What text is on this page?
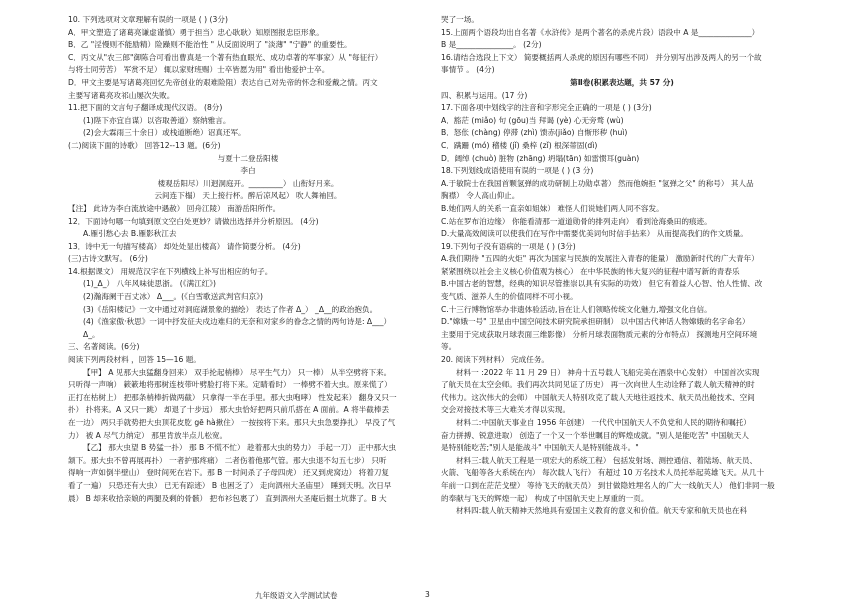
10. 下列选项对文章理解有误的一项是 ( ) (3分)
A．甲文塑造了诸葛亮谦虚谨慎）勇于担当）忠心耿耿）知原图报忠臣形象。
B．乙 "淫慢则不能励精）险躁则不能治性 " 从反面说明了 "淡薄" "宁静" 的重要性。
C．丙文从"农三郎"御陈合可看出曹真是一个著有热血眼光、成功卓著的军事家）从 "每征行）
与将士同劳苦） 军赏不足） 辄以家财班赐）士卒皆愿为用" 看出他爱护士卒。
D．甲文主要是写诸葛亮回忆先帝创业的艰难险阻）表达自己对先帝的怀念和爱戴之情。丙文
主要写诸葛亮攻祁山屡次失败。
11.把下面的文言句子翻译成现代汉语。 (8分)
(1)陛下亦宜自谋）以咨取善道）察纳雅言。
(2)会大霖雨三十余日）或栈道断绝）诏真还军。
(二)阅读下面的诗歌） 回答12--13 题。(6分)
与夏十二登岳阳楼
李白
楼观岳阳尽）川迥洞庭开。_________） 山衔好月来。
云间连下榻） 天上接行杯。醉后凉风起） 吹人舞袖回。
【注】 此诗为李白流放途中遇赦） 回舟江陵） 南游岳阳所作。
12．下面诗句哪一句填到原文空白处更妙？请做出选择并分析原因。 (4分)
A.雁引愁心去 B.雁影秋江去
13．诗中无一句描写楼高） 却处处显出楼高） 请作简要分析。 (4分)
(三)古诗文默写。 (6分)
14.根据课文） 用规范汉字在下列横线上补写出相应的句子。
(1)_Δ_） 八年风味徒思浙。 (《满江红》)
(2)瀚海阑干百丈冰） Δ___。(《白雪歌送武判官归京》)
(3)《岳阳楼记》一文中通过对洞庭湖景象的描绘） 表达了作者 Δ_） _Δ__的政治抱负。
(4)《渔家傲·秋思》一词中抒发征夫戍边难归的无奈和对家乡的眷念之情的两句诗是: Δ___）
Δ_。
三、名著阅读。(6分)
阅读下列两段材料 ，回答 15—16 题。
【甲】 A 见那大虫猛翻身回来） 双手抡起梢棒） 尽平生气力） 只一棒） 从半空劈将下来。
只听得一声响） 簌簌地将那树连枝带叶劈脸打将下来。定睛看时） 一棒劈不着大虫。原来慌了）
正打在枯树上） 把那条梢棒折做两截） 只拿得一半在手里。那大虫咆哮） 性发起来） 翻身又只一
扑） 扑将来。A 又只一跳） 却退了十步远） 那大虫恰好把两只前爪搭在 A 面前。A 将半截棒丢
在一边） 两只手就势把大虫顶花皮肐 gē hà揪住） 一按按将下来。那只大虫急要挣扎） 早没了气
力） 被 A 尽气力纳定） 那里肯放半点儿松宽。
【乙】 那大虫望 B 势猛一扑） 那 B 不慌不忙） 趁着那大虫的势力） 手起一刀） 正中那大虫
颔下。那大虫不曾再展再扑） 一者护那疼痛） 二者伤着他那气管。那大虫退不勾五七步） 只听
得响一声如倒半壁山） 登时间死在岩下。那 B 一时间杀了子母四虎） 还又到虎窝边） 将着刀复
看了一遍） 只恐还有大虫） 已无有踪迹） B 也困乏了） 走向泗州大圣庙里） 睡到天明。次日早
晨） B 却来收拾亲娘的两腿及剩的骨骸） 把布衫包裹了） 直到泗州大圣庵后掘土坑葬了。B 大
哭了一场。
15.上面两个语段均出自名著《水浒传》是两个著名的杀虎片段）语段中 A 是______________）
B 是_______________。 (2分)
16.请结合选段上下文） 简要概括两人杀虎的原因有哪些不同） 并分别写出涉及两人的另一个故
事情节 。 (4分)
第Ⅱ卷(积累表达题，共 57 分)
四、积累与运用。(17 分)
17.下面各项中划线字的注音和字形完全正确的一项是 ( ) (3分)
A．豁茫 (miǎo) 句 (gōu)当 拜谒 (yè) 心无旁骛 (wù)
B．怒伥 (chàng) 停滞 (zhì) 馈赤(jiǎo) 自惭形秽 (huì)
C．蹒跚 (mó) 稽楼 (jǐ) 桑梓 (zǐ) 根深蒂固(dì)
D．阔绰 (chuò) 脏物 (zhāng) 坍塌(tān) 如雷惯耳(guàn)
18.下列划线成语使用有误的一项是 ( ) (3 分)
A.于敏院士在我国首颗氢弹的成功研制上功勋卓著） 然而他婉拒 "氢弹之父" 的称号） 其人品
胸襟） 令人高山仰止。
B.她们两人的关系一直亲如姐妹） 难怪人们说她们两人同不容发。
C.站在罗布泊边缘） 你能看清那一道道勋骨的排列走向） 看到沧海桑田的痕迹。
D.大量高效阅读可以使我们在写作中需要优美词句时信手拈来） 从而提高我们的作文质量。
19.下列句子没有语病的一项是 ( ) (3分)
A.我们期待 "五四的火炬" 再次为国家与民族的发展注入青春的能量） 激励新时代的广大青年）
紧紧围绕以社会主义核心价值观为核心） 在中华民族的伟大复兴的征程中谱写新的青春乐
B.中国古老的智慧，经典的知识尽管推崇以具有实际的功效） 但它有着益人心智、怡人性情、改
变气质、滋养人生的价值同样不可小视。
C.十三行博物馆举办非遗体验活动,旨在让人们领略传统文化魅力,增强文化自信。
D."嫦娥一号" 卫星由中国空间技术研究院承担研制） 以中国古代神话人物嫦娥的名字命名）
主要用于完成获取月球表面三维影像） 分析月球表面物质元素的分布特点） 探测地月空间环境
等。
20. 阅读下列材料） 完成任务。
材料一 :2022 年 11 月 29 日） 神舟十五号载人飞船完美在酒泉中心发射） 中国首次实现
了航天员在太空会师。我们再次共同见证了历史） 再一次向世人生动诠释了载人航天精神的时
代伟力。这次伟大的会师） 中国航天人特别攻克了载人天地往返技术、航天员出舱技术、空间
交会对接技术等三大难关才得以实现。
材料二:中国航天事业自 1956 年创建） 一代代中国航天人不负党和人民的期待和嘱托）
奋力拼搏、锐意进取） 创造了一个又一个举世瞩目的辉煌成就。"别人是能吃苦" 中国航天人
是特别能吃苦;"别人是能战斗" 中国航天人是特别能战斗。"
材料三:载人航天工程是一项宏大的系统工程） 包括发射场、测控通信、着陆场、航天员、
火箭、飞船等各大系统在内） 每次载人飞行） 有超过 10 万名技术人员托举起英雄飞天。从几十
年前一口到在茫茫戈壁） 等待飞天的航天员） 到甘做隐姓埋名人的广大一线航天人） 他们非同一般
的奉献与飞天的辉煌一起） 构成了中国航天史上厚重的一页。
材料四:载人航天精神天然地具有爱国主义教育的意义和价值。航天专家和航天员也在科
九年级语文入学测试试卷	3
